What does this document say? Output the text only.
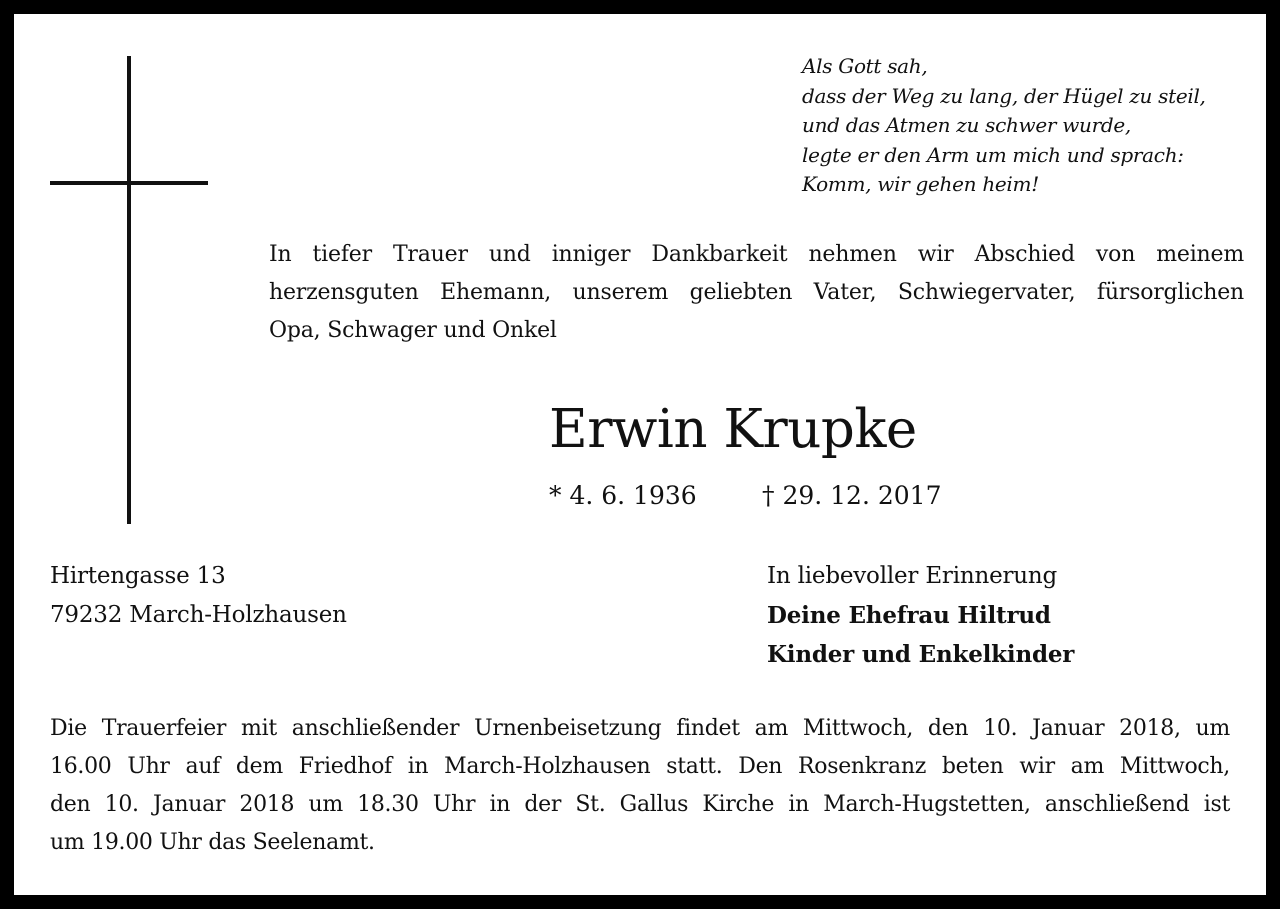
Als Gott sah,
dass der Weg zu lang, der Hügel zu steil,
und das Atmen zu schwer wurde,
legte er den Arm um mich und sprach:
Komm, wir gehen heim!
In tiefer Trauer und inniger Dankbarkeit nehmen wir Abschied von meinem
herzensguten Ehemann, unserem geliebten Vater, Schwiegervater, fürsorglichen
Opa, Schwager und Onkel
Erwin Krupke
* 4. 6. 1936	† 29. 12. 2017
Hirtengasse 13
79232 March-Holzhausen
In liebevoller Erinnerung
Deine Ehefrau Hiltrud
Kinder und Enkelkinder
Die Trauerfeier mit anschließender Urnenbeisetzung findet am Mittwoch, den 10. Januar 2018, um
16.00 Uhr auf dem Friedhof in March-Holzhausen statt. Den Rosenkranz beten wir am Mittwoch,
den 10. Januar 2018 um 18.30 Uhr in der St. Gallus Kirche in March-Hugstetten, anschließend ist
um 19.00 Uhr das Seelenamt.
